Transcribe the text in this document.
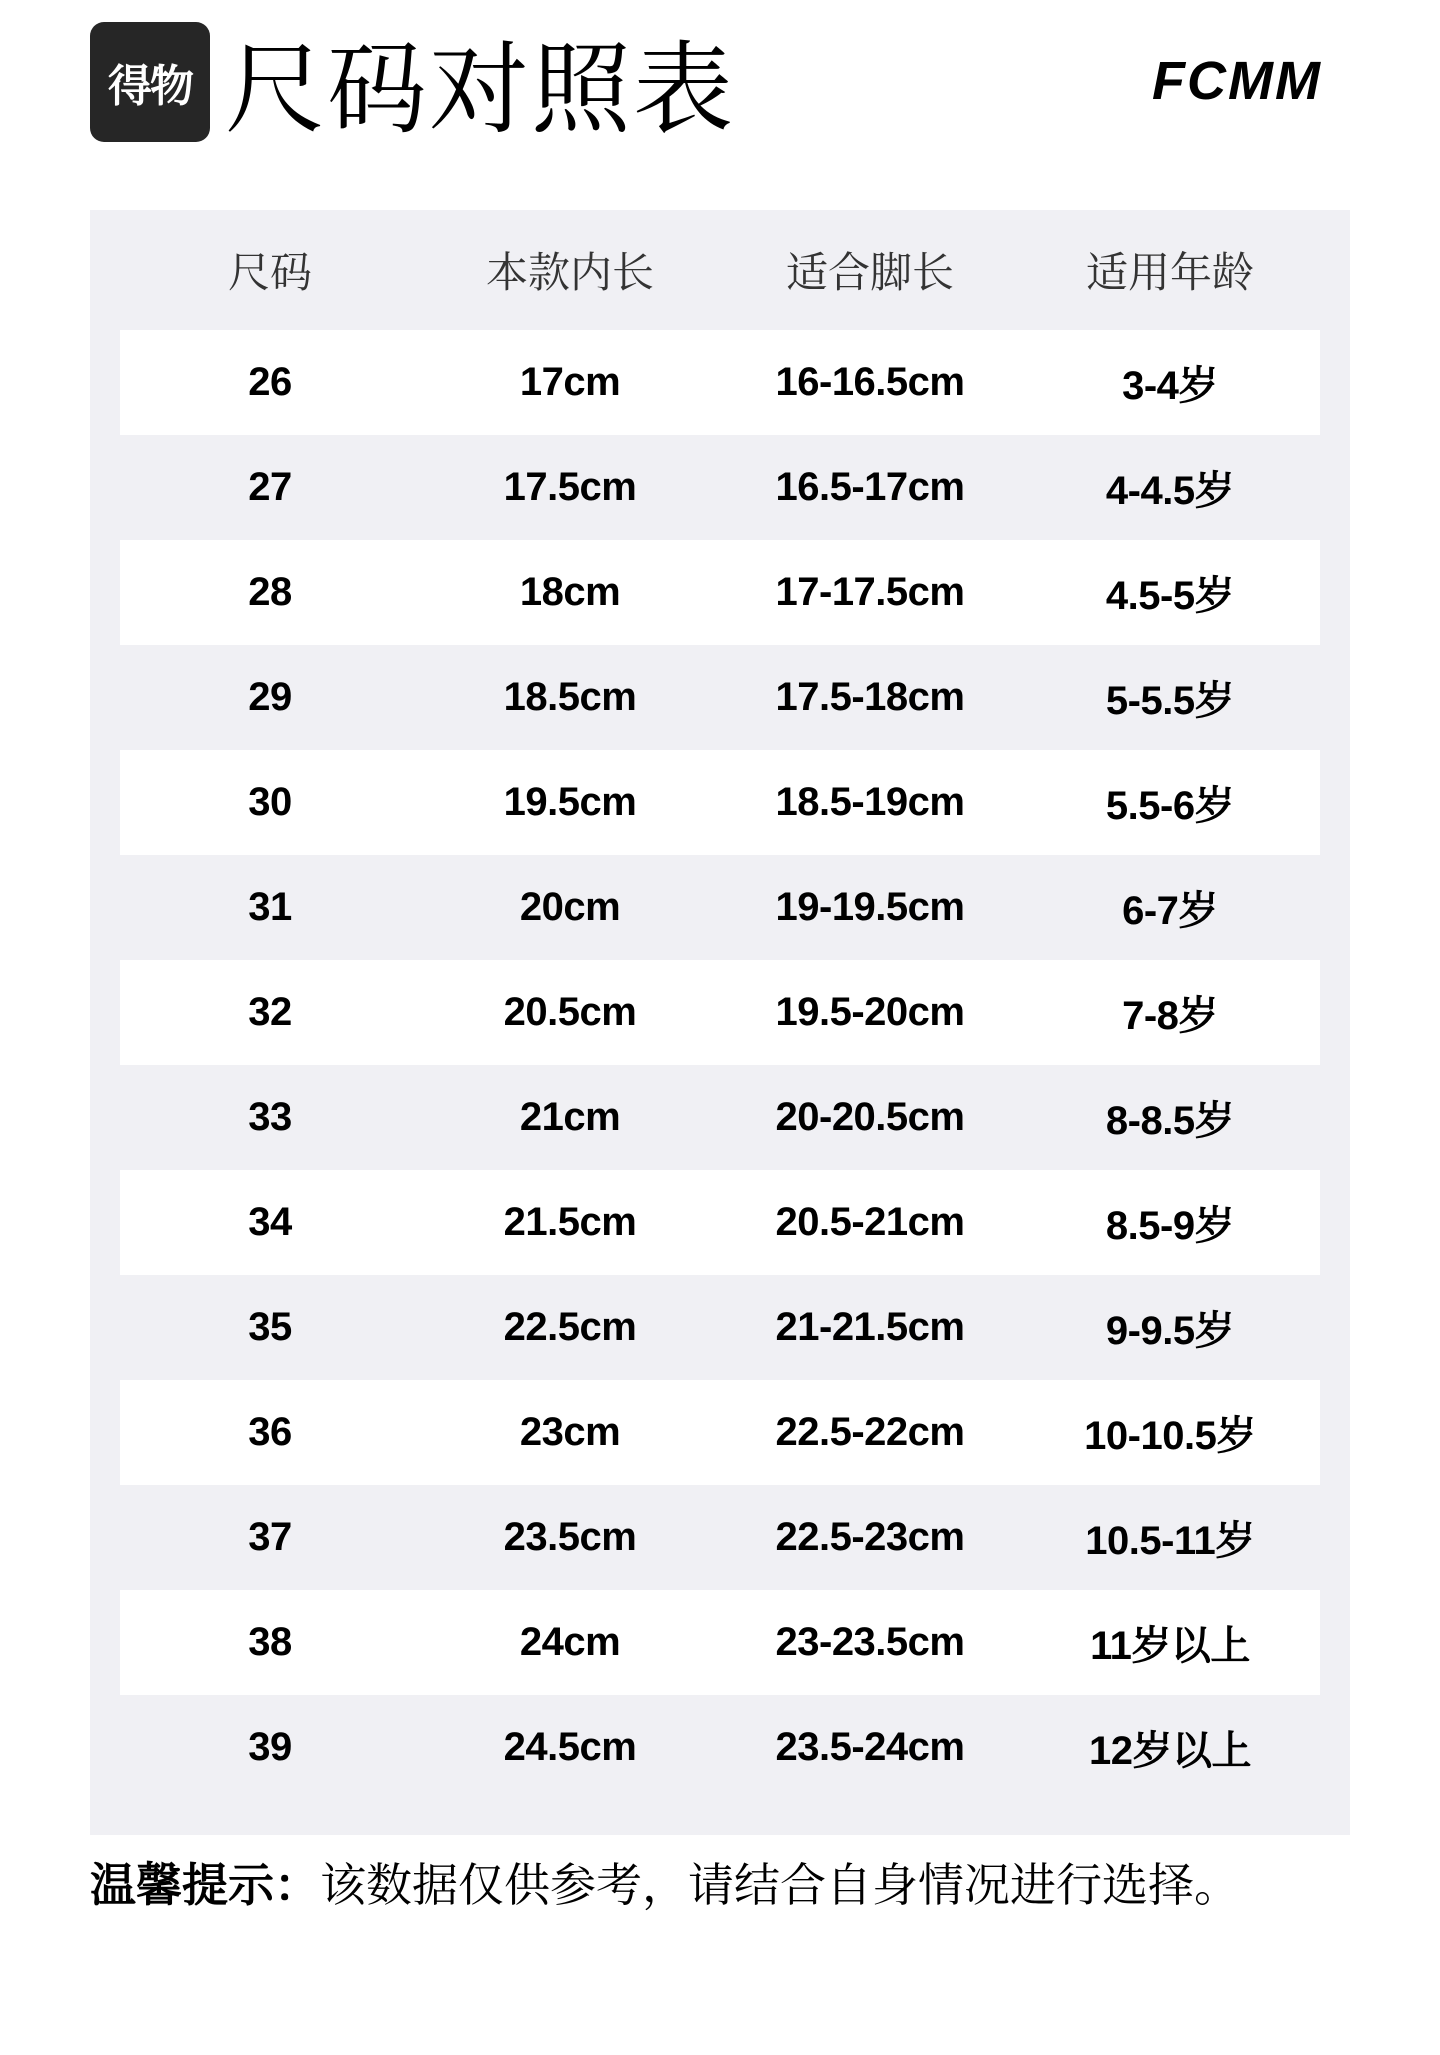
得物 尺码对照表	FCMM
尺码	本款内长	适合脚长	适用年龄
26	17cm	16-16.5cm	3-4岁
27	17.5cm	16.5-17cm	4-4.5岁
28	18cm	17-17.5cm	4.5-5岁
29	18.5cm	17.5-18cm	5-5.5岁
30	19.5cm	18.5-19cm	5.5-6岁
31	20cm	19-19.5cm	6-7岁
32	20.5cm	19.5-20cm	7-8岁
33	21cm	20-20.5cm	8-8.5岁
34	21.5cm	20.5-21cm	8.5-9岁
35	22.5cm	21-21.5cm	9-9.5岁
36	23cm	22.5-22cm	10-10.5岁
37	23.5cm	22.5-23cm	10.5-11岁
38	24cm	23-23.5cm	11岁以上
39	24.5cm	23.5-24cm	12岁以上
温馨提示：该数据仅供参考，请结合自身情况进行选择。
